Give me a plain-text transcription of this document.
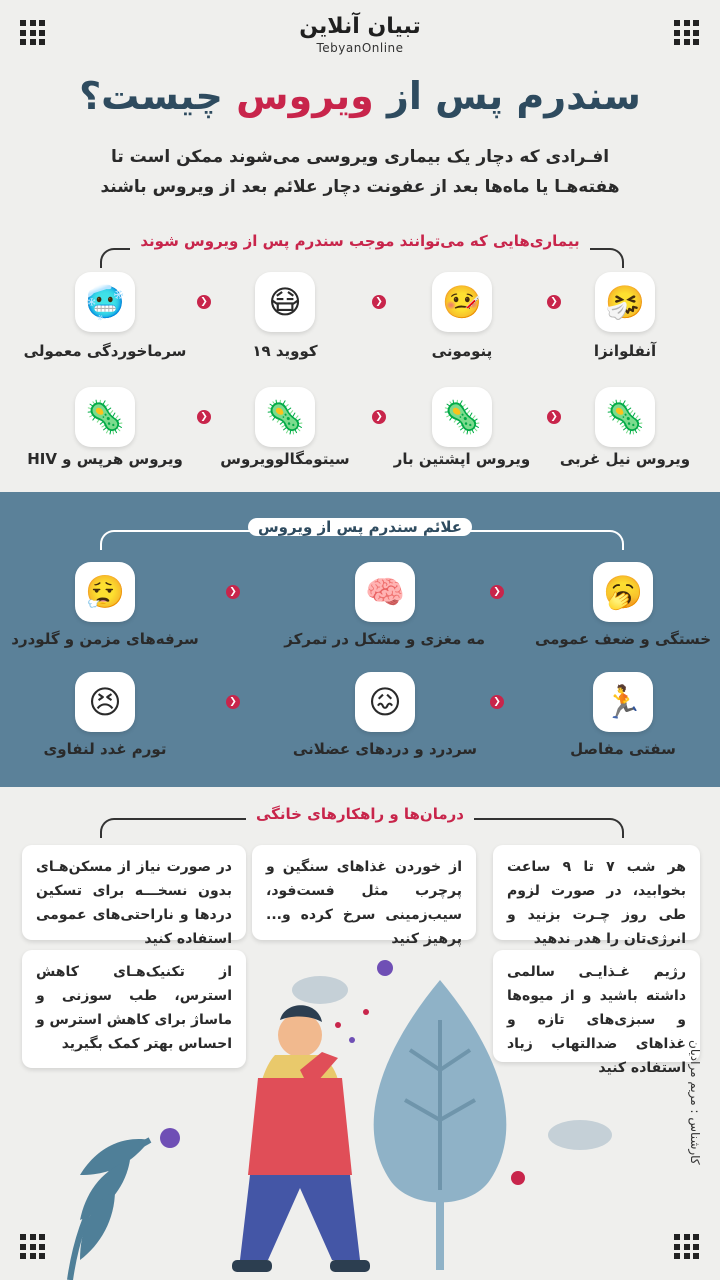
تبیان آنلاین
TebyanOnline
سندرم پس از ویروس چیست؟
افـرادی که دچار یک بیماری ویروسی می‌شوند ممکن است تا
هفته‌هـا یا ماه‌ها بعد از عفونت دچار علائم بعد از ویروس باشند
بیماری‌هایی که می‌توانند موجب سندرم پس از ویروس شوند
🤧
آنفلوانزا
🤒
پنومونی
😷
کووید ۱۹
🥶
سرماخوردگی معمولی
🦠
ویروس نیل غربی
🦠
ویروس اپشتین بار
🦠
سیتومگالوویروس
🦠
ویروس هرپس و HIV
❯
❯
❯
❯
❯
❯
علائم سندرم پس از ویروس
🥱
خستگی و ضعف عمومی
🧠
مه مغزی و مشکل در تمرکز
😮‍💨
سرفه‌های مزمن و گلودرد
🏃
سفتی مفاصل
😖
سردرد و دردهای عضلانی
😣
تورم غدد لنفاوی
❯
❯
❯
❯
درمان‌ها و راهکارهای خانگی
هر شب ۷ تا ۹ ساعت بخوابید، در صورت لزوم طی روز چـرت بزنید و انرژی‌تان را هدر ندهید
از خوردن غذاهای سنگین و پرچرب مثل فست‌فود، سیب‌زمینی سرخ کرده و... پرهیز کنید
در صورت نیاز از مسکن‌هـای بدون نسخـــه برای تسکین دردها و ناراحتی‌های عمومی استفاده کنید
رژیم غـذایـی سالمی داشته باشید و از میوه‌ها و سبزی‌های تازه و غذاهای ضدالتهاب زیاد استفاده کنید
از تکنیک‌هـای کاهش استرس، طب سوزنی و ماساژ برای کاهش استرس و احساس بهتر کمک بگیرید	کارشناس : مریم مرادیان
